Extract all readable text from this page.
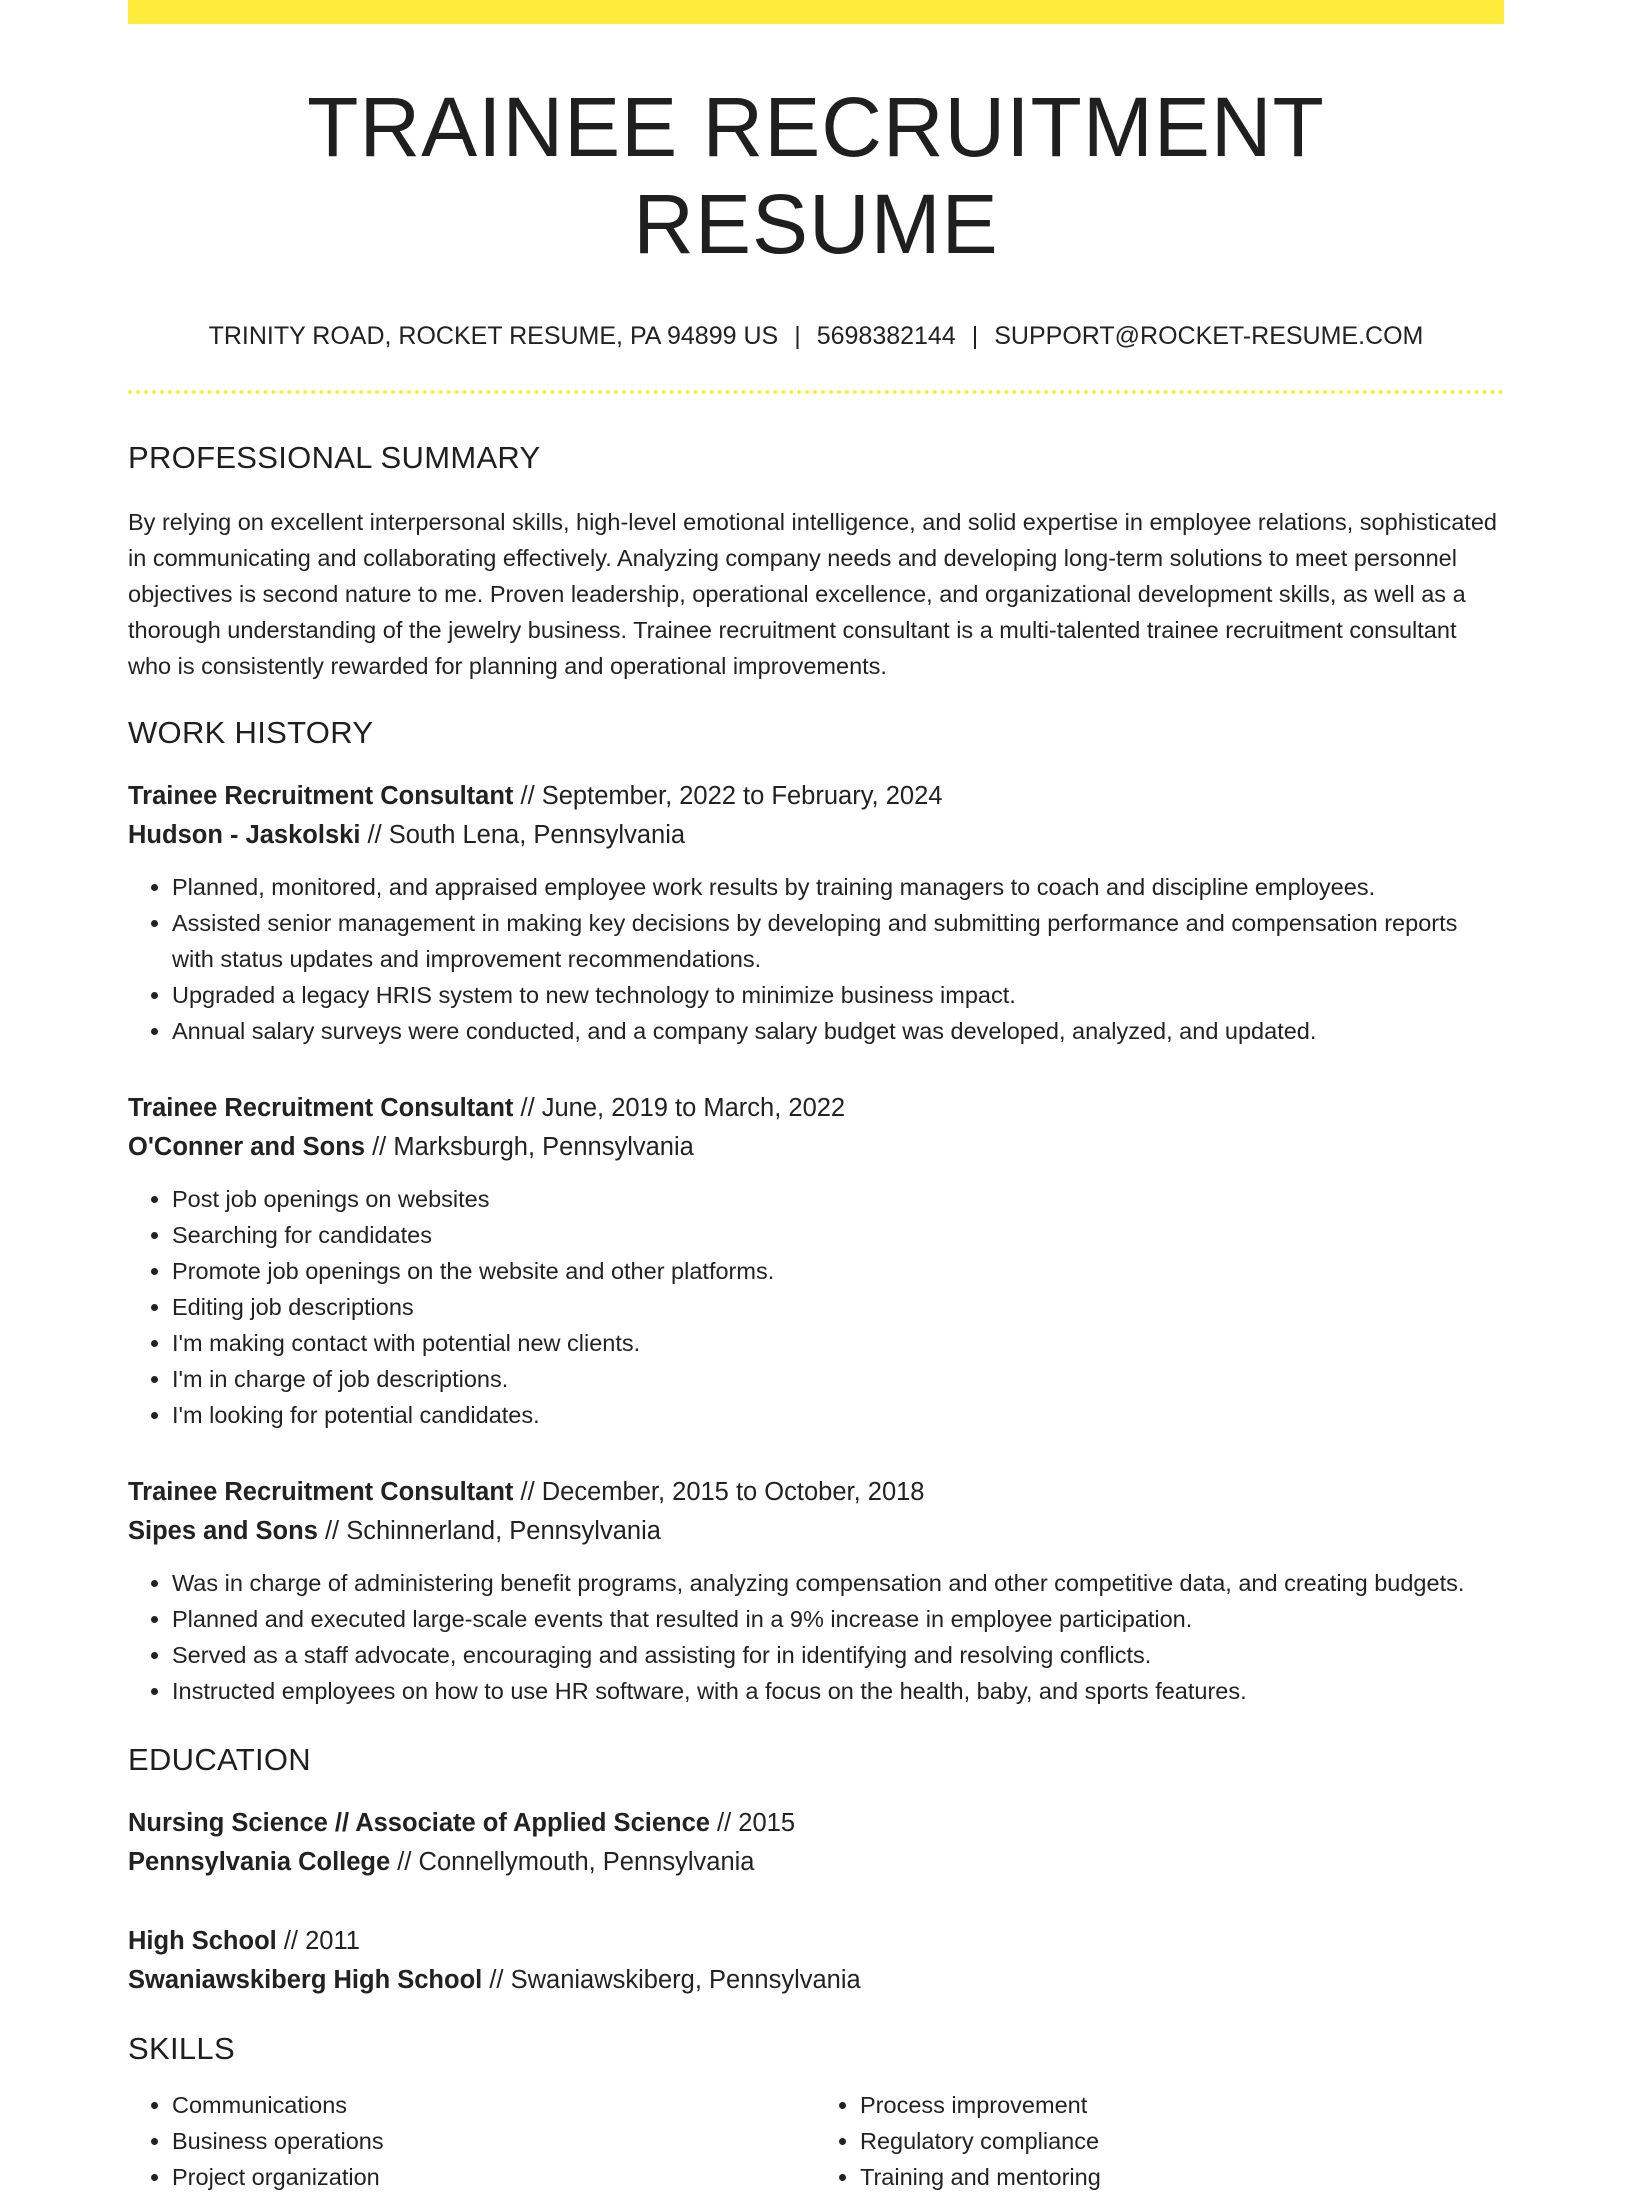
TRAINEE RECRUITMENT RESUME
TRINITY ROAD, ROCKET RESUME, PA 94899 US | 5698382144 | SUPPORT@ROCKET-RESUME.COM
PROFESSIONAL SUMMARY

By relying on excellent interpersonal skills, high-level emotional intelligence, and solid expertise in employee relations, sophisticated in communicating and collaborating effectively. Analyzing company needs and developing long-term solutions to meet personnel objectives is second nature to me. Proven leadership, operational excellence, and organizational development skills, as well as a thorough understanding of the jewelry business. Trainee recruitment consultant is a multi-talented trainee recruitment consultant who is consistently rewarded for planning and operational improvements.

WORK HISTORY
Trainee Recruitment Consultant // September, 2022 to February, 2024
Hudson - Jaskolski // South Lena, Pennsylvania
• Planned, monitored, and appraised employee work results by training managers to coach and discipline employees.
• Assisted senior management in making key decisions by developing and submitting performance and compensation reports with status updates and improvement recommendations.
• Upgraded a legacy HRIS system to new technology to minimize business impact.
• Annual salary surveys were conducted, and a company salary budget was developed, analyzed, and updated.
Trainee Recruitment Consultant // June, 2019 to March, 2022
O'Conner and Sons // Marksburgh, Pennsylvania
• Post job openings on websites
• Searching for candidates
• Promote job openings on the website and other platforms.
• Editing job descriptions
• I'm making contact with potential new clients.
• I'm in charge of job descriptions.
• I'm looking for potential candidates.
Trainee Recruitment Consultant // December, 2015 to October, 2018
Sipes and Sons // Schinnerland, Pennsylvania
• Was in charge of administering benefit programs, analyzing compensation and other competitive data, and creating budgets.
• Planned and executed large-scale events that resulted in a 9% increase in employee participation.
• Served as a staff advocate, encouraging and assisting for in identifying and resolving conflicts.
• Instructed employees on how to use HR software, with a focus on the health, baby, and sports features.
EDUCATION
Nursing Science // Associate of Applied Science // 2015
Pennsylvania College // Connellymouth, Pennsylvania
High School // 2011
Swaniawskiberg High School // Swaniawskiberg, Pennsylvania
SKILLS
• Communications
• Business operations
• Project organization
• Process improvement
• Regulatory compliance
• Training and mentoring
